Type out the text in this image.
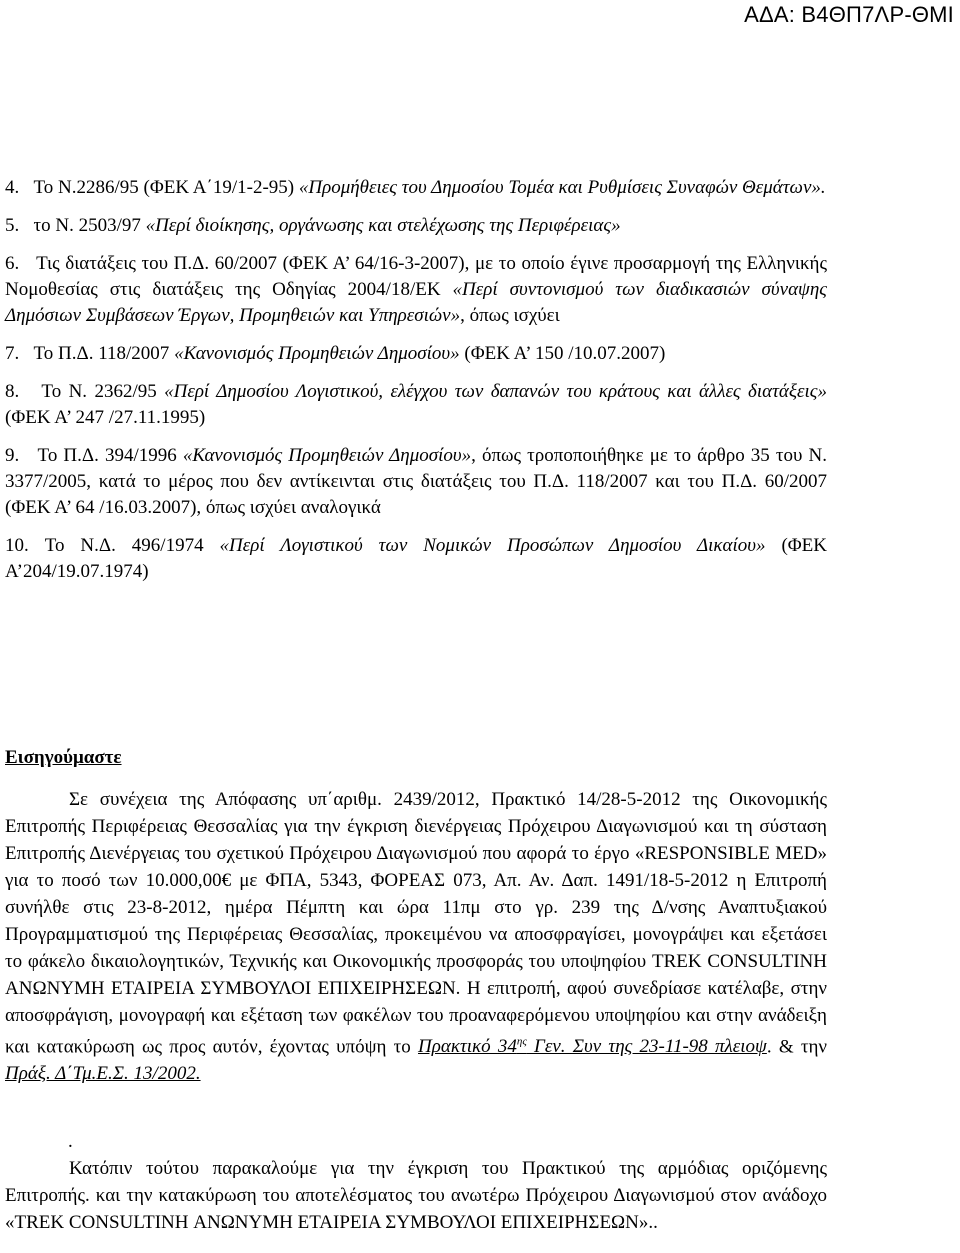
ΑΔΑ: Β4ΘΠ7ΛΡ-ΘΜΙ
4. Το Ν.2286/95 (ΦΕΚ Α΄19/1-2-95) «Προμήθειες του Δημοσίου Τομέα και Ρυθμίσεις Συναφών Θεμάτων».
5. το Ν. 2503/97 «Περί διοίκησης, οργάνωσης και στελέχωσης της Περιφέρειας»
6. Τις διατάξεις του Π.Δ. 60/2007 (ΦΕΚ Α’ 64/16-3-2007), με το οποίο έγινε προσαρμογή της Ελληνικής Νομοθεσίας στις διατάξεις της Οδηγίας 2004/18/ΕΚ «Περί συντονισμού των διαδικασιών σύναψης Δημόσιων Συμβάσεων Έργων, Προμηθειών και Υπηρεσιών», όπως ισχύει
7. Το Π.Δ. 118/2007 «Κανονισμός Προμηθειών Δημοσίου» (ΦΕΚ Α’ 150 /10.07.2007)
8. Το Ν. 2362/95 «Περί Δημοσίου Λογιστικού, ελέγχου των δαπανών του κράτους και άλλες διατάξεις» (ΦΕΚ Α’ 247 /27.11.1995)
9. Το Π.Δ. 394/1996 «Κανονισμός Προμηθειών Δημοσίου», όπως τροποποιήθηκε με το άρθρο 35 του Ν. 3377/2005, κατά το μέρος που δεν αντίκεινται στις διατάξεις του Π.Δ. 118/2007 και του Π.Δ. 60/2007 (ΦΕΚ Α’ 64 /16.03.2007), όπως ισχύει αναλογικά
10. Το Ν.Δ. 496/1974 «Περί Λογιστικού των Νομικών Προσώπων Δημοσίου Δικαίου» (ΦΕΚ Α’204/19.07.1974)
Εισηγούμαστε
Σε συνέχεια της Απόφασης υπ΄αριθμ. 2439/2012, Πρακτικό 14/28-5-2012 της Οικονομικής Επιτροπής Περιφέρειας Θεσσαλίας για την έγκριση διενέργειας Πρόχειρου Διαγωνισμού και τη σύσταση Επιτροπής Διενέργειας του σχετικού Πρόχειρου Διαγωνισμού που αφορά το έργο «RESPONSIBLE MED» για το ποσό των 10.000,00€ με ΦΠΑ, 5343, ΦΟΡΕΑΣ 073, Απ. Αν. Δαπ. 1491/18-5-2012 η Επιτροπή συνήλθε στις 23-8-2012, ημέρα Πέμπτη και ώρα 11πμ στο γρ. 239 της Δ/νσης Αναπτυξιακού Προγραμματισμού της Περιφέρειας Θεσσαλίας, προκειμένου να αποσφραγίσει, μονογράψει και εξετάσει το φάκελο δικαιολογητικών, Τεχνικής και Οικονομικής προσφοράς του υποψηφίου TREK CONSULTINH ΑΝΩΝΥΜΗ ΕΤΑΙΡΕΙΑ ΣΥΜΒΟΥΛΟΙ ΕΠΙΧΕΙΡΗΣΕΩΝ. Η επιτροπή, αφού συνεδρίασε κατέλαβε, στην αποσφράγιση, μονογραφή και εξέταση των φακέλων του προαναφερόμενου υποψηφίου και στην ανάδειξη και κατακύρωση ως προς αυτόν, έχοντας υπόψη το Πρακτικό $34^{\eta\varsigma}$ Γεν. Συν της 23-11-98 πλειοψ. & την Πράξ. Δ΄Τμ.Ε.Σ. 13/2002.
.
Κατόπιν τούτου παρακαλούμε για την έγκριση του Πρακτικού της αρμόδιας οριζόμενης Επιτροπής. και την κατακύρωση του αποτελέσματος του ανωτέρω Πρόχειρου Διαγωνισμού στον ανάδοχο «TREK CONSULTINH ΑΝΩΝΥΜΗ ΕΤΑΙΡΕΙΑ ΣΥΜΒΟΥΛΟΙ ΕΠΙΧΕΙΡΗΣΕΩΝ»..
